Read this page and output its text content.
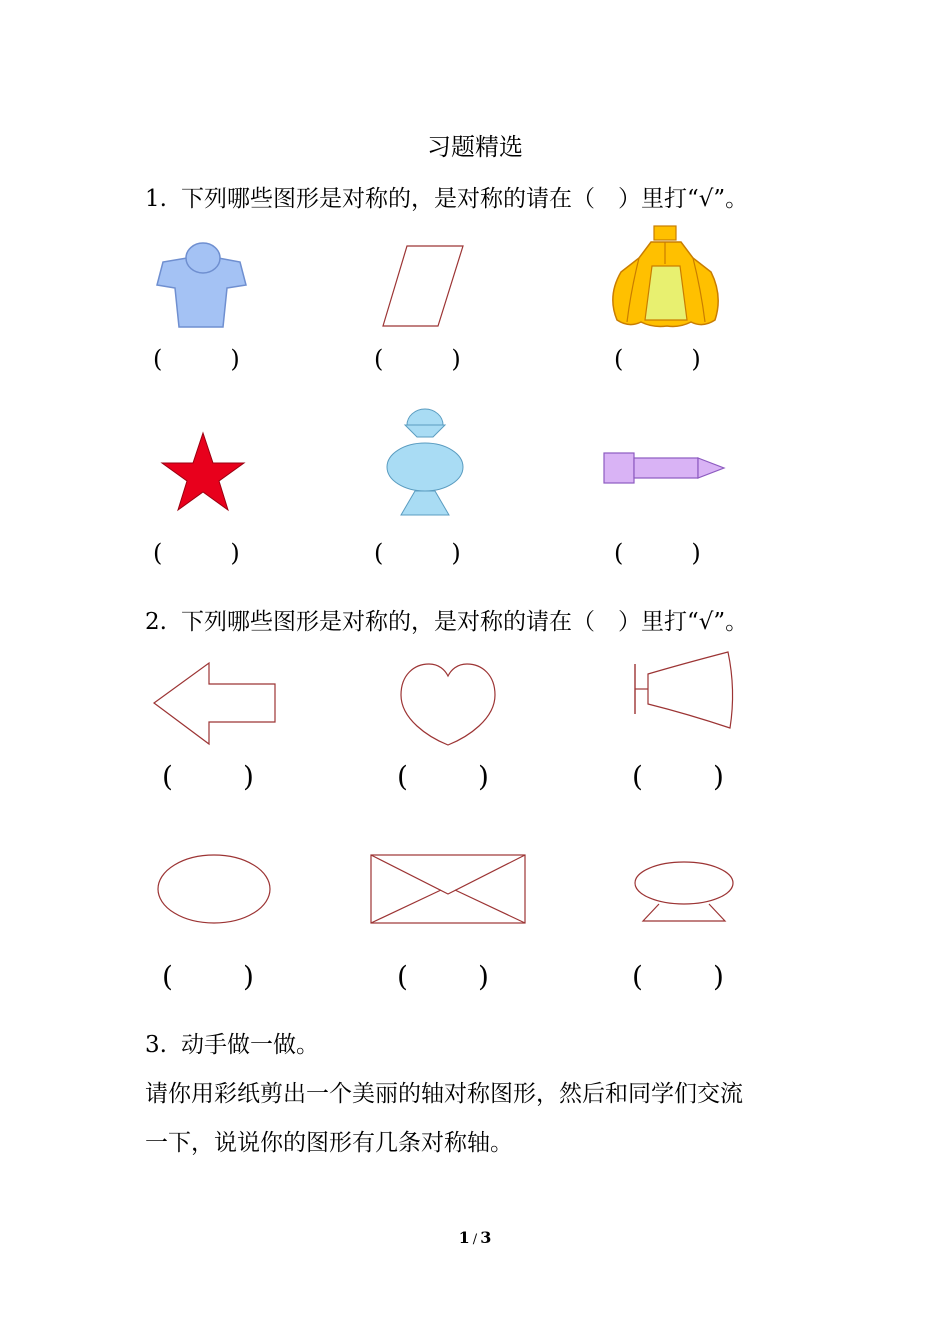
习题精选
1. 下列哪些图形是对称的，是对称的请在（　）里打“√”。
(	)	(	)	(	)
(	)	(	)	(	)
2. 下列哪些图形是对称的，是对称的请在（　）里打“√”。
(	)	(	)	(	)
(	)	(	)	(	)
3. 动手做一做。
请你用彩纸剪出一个美丽的轴对称图形，然后和同学们交流
一下，说说你的图形有几条对称轴。
1 / 3
